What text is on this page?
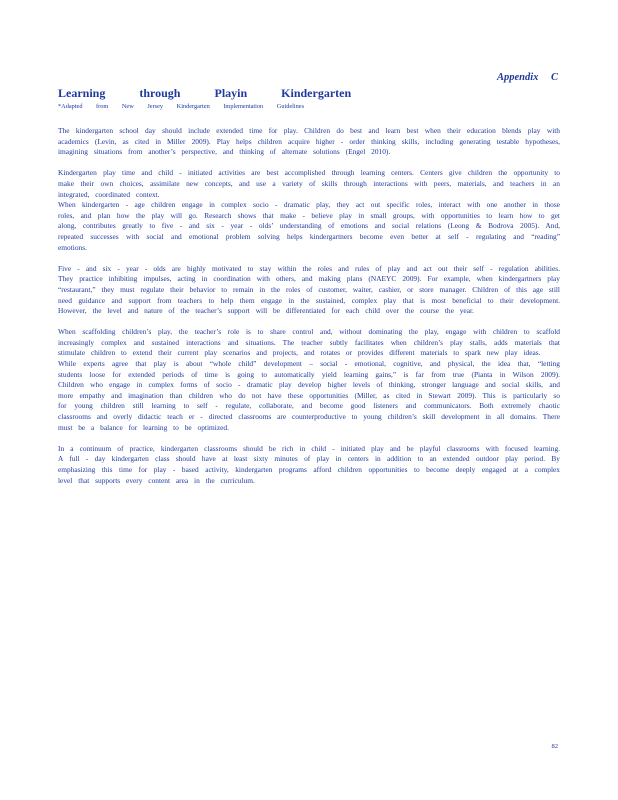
Appendix C
Learning	through	Playin	Kindergarten
*Adapted from New Jersey Kindergarten Implementation Guidelines

The kindergarten school day should include extended time for play. Children do best and learn best when their education blends play with academics (Levin, as cited in Miller 2009). Play helps children acquire higher - order thinking skills, including generating testable hypotheses, imagining situations from another’s perspective, and thinking of alternate solutions (Engel 2010).

Kindergarten play time and child - initiated activities are best accomplished through learning centers. Centers give children the opportunity to make their own choices, assimilate new concepts, and use a variety of skills through interactions with peers, materials, and teachers in an integrated, coordinated context.

When kindergarten - age children engage in complex socio - dramatic play, they act out specific roles, interact with one another in those roles, and plan how the play will go. Research shows that make - believe play in small groups, with opportunities to learn how to get along, contributes greatly to five - and six - year - olds’ understanding of emotions and social relations (Leong & Bodrova 2005). And, repeated successes with social and emotional problem solving helps kindergartners become even better at self - regulating and “reading” emotions.

Five - and six - year - olds are highly motivated to stay within the roles and rules of play and act out their self - regulation abilities. They practice inhibiting impulses, acting in coordination with others, and making plans (NAEYC 2009). For example, when kindergartners play “restaurant,” they must regulate their behavior to remain in the roles of customer, waiter, cashier, or store manager. Children of this age still need guidance and support from teachers to help them engage in the sustained, complex play that is most beneficial to their development. However, the level and nature of the teacher’s support will be differentiated for each child over the course the year.

When scaffolding children’s play, the teacher’s role is to share control and, without dominating the play, engage with children to scaffold increasingly complex and sustained interactions and situations. The teacher subtly facilitates when children’s play stalls, adds materials that stimulate children to extend their current play scenarios and projects, and rotates or provides different materials to spark new play ideas.

While experts agree that play is about “whole child” development – social - emotional, cognitive, and physical, the idea that, “letting students loose for extended periods of time is going to automatically yield learning gains,” is far from true (Pianta in Wilson 2009). Children who engage in complex forms of socio - dramatic play develop higher levels of thinking, stronger language and social skills, and more empathy and imagination than children who do not have these opportunities (Miller, as cited in Stewart 2009). This is particularly so for young children still learning to self - regulate, collaborate, and become good listeners and communicators. Both extremely chaotic classrooms and overly didactic teach er - directed classrooms are counterproductive to young children’s skill development in all domains. There must be a balance for learning to be optimized.

In a continuum of practice, kindergarten classrooms should be rich in child - initiated play and be playful classrooms with focused learning. A full - day kindergarten class should have at least sixty minutes of play in centers in addition to an extended outdoor play period. By emphasizing this time for play - based activity, kindergarten programs afford children opportunities to become deeply engaged at a complex level that supports every content area in the curriculum.

82
